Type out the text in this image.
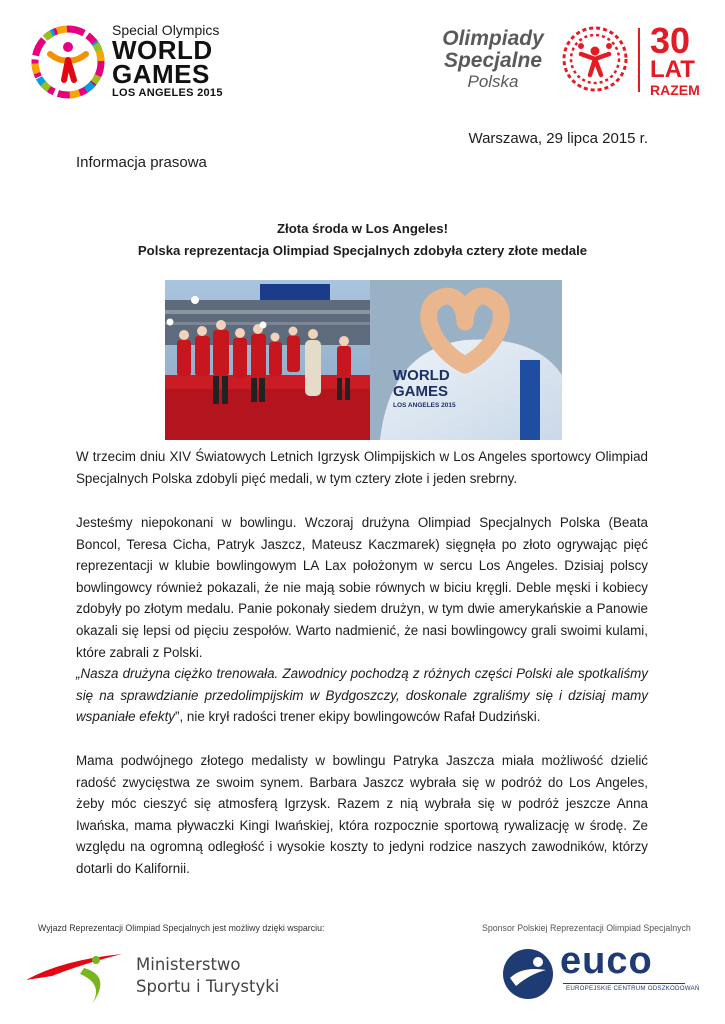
Special Olympics
WORLD
GAMES
LOS ANGELES 2015
Olimpiady
Specjalne
Polska
30
LAT
RAZEM
Warszawa, 29 lipca 2015 r.
Informacja prasowa
Złota środa w Los Angeles!
Polska reprezentacja Olimpiad Specjalnych zdobyła cztery złote medale
WORLD
GAMES
LOS ANGELES 2015
W trzecim dniu XIV Światowych Letnich Igrzysk Olimpijskich w Los Angeles sportowcy Olimpiad Specjalnych Polska zdobyli pięć medali, w tym cztery złote i jeden srebrny.
Jesteśmy niepokonani w bowlingu. Wczoraj drużyna Olimpiad Specjalnych Polska (Beata Boncol, Teresa Cicha, Patryk Jaszcz, Mateusz Kaczmarek) sięgnęła po złoto ogrywając pięć reprezentacji w klubie bowlingowym LA Lax położonym w sercu Los Angeles. Dzisiaj polscy bowlingowcy również pokazali, że nie mają sobie równych w biciu kręgli. Deble męski i kobiecy zdobyły po złotym medalu. Panie pokonały siedem drużyn, w tym dwie amerykańskie a Panowie okazali się lepsi od pięciu zespołów. Warto nadmienić, że nasi bowlingowcy grali swoimi kulami, które zabrali z Polski.
„Nasza drużyna ciężko trenowała. Zawodnicy pochodzą z różnych części Polski ale spotkaliśmy się na sprawdzianie przedolimpijskim w Bydgoszczy, doskonale zgraliśmy się i dzisiaj mamy wspaniałe efekty”, nie krył radości trener ekipy bowlingowców Rafał Dudziński.
Mama podwójnego złotego medalisty w bowlingu Patryka Jaszcza miała możliwość dzielić radość zwycięstwa ze swoim synem. Barbara Jaszcz wybrała się w podróż do Los Angeles, żeby móc cieszyć się atmosferą Igrzysk. Razem z nią wybrała się w podróż jeszcze Anna Iwańska, mama pływaczki Kingi Iwańskiej, która rozpocznie sportową rywalizację w środę. Ze względu na ogromną odległość i wysokie koszty to jedyni rodzice naszych zawodników, którzy dotarli do Kalifornii.
Wyjazd Reprezentacji Olimpiad Specjalnych jest możliwy dzięki wsparciu:	Sponsor Polskiej Reprezentacji Olimpiad Specjalnych
Ministerstwo
Sportu i Turystyki
euco
EUROPEJSKIE CENTRUM ODSZKODOWAŃ
